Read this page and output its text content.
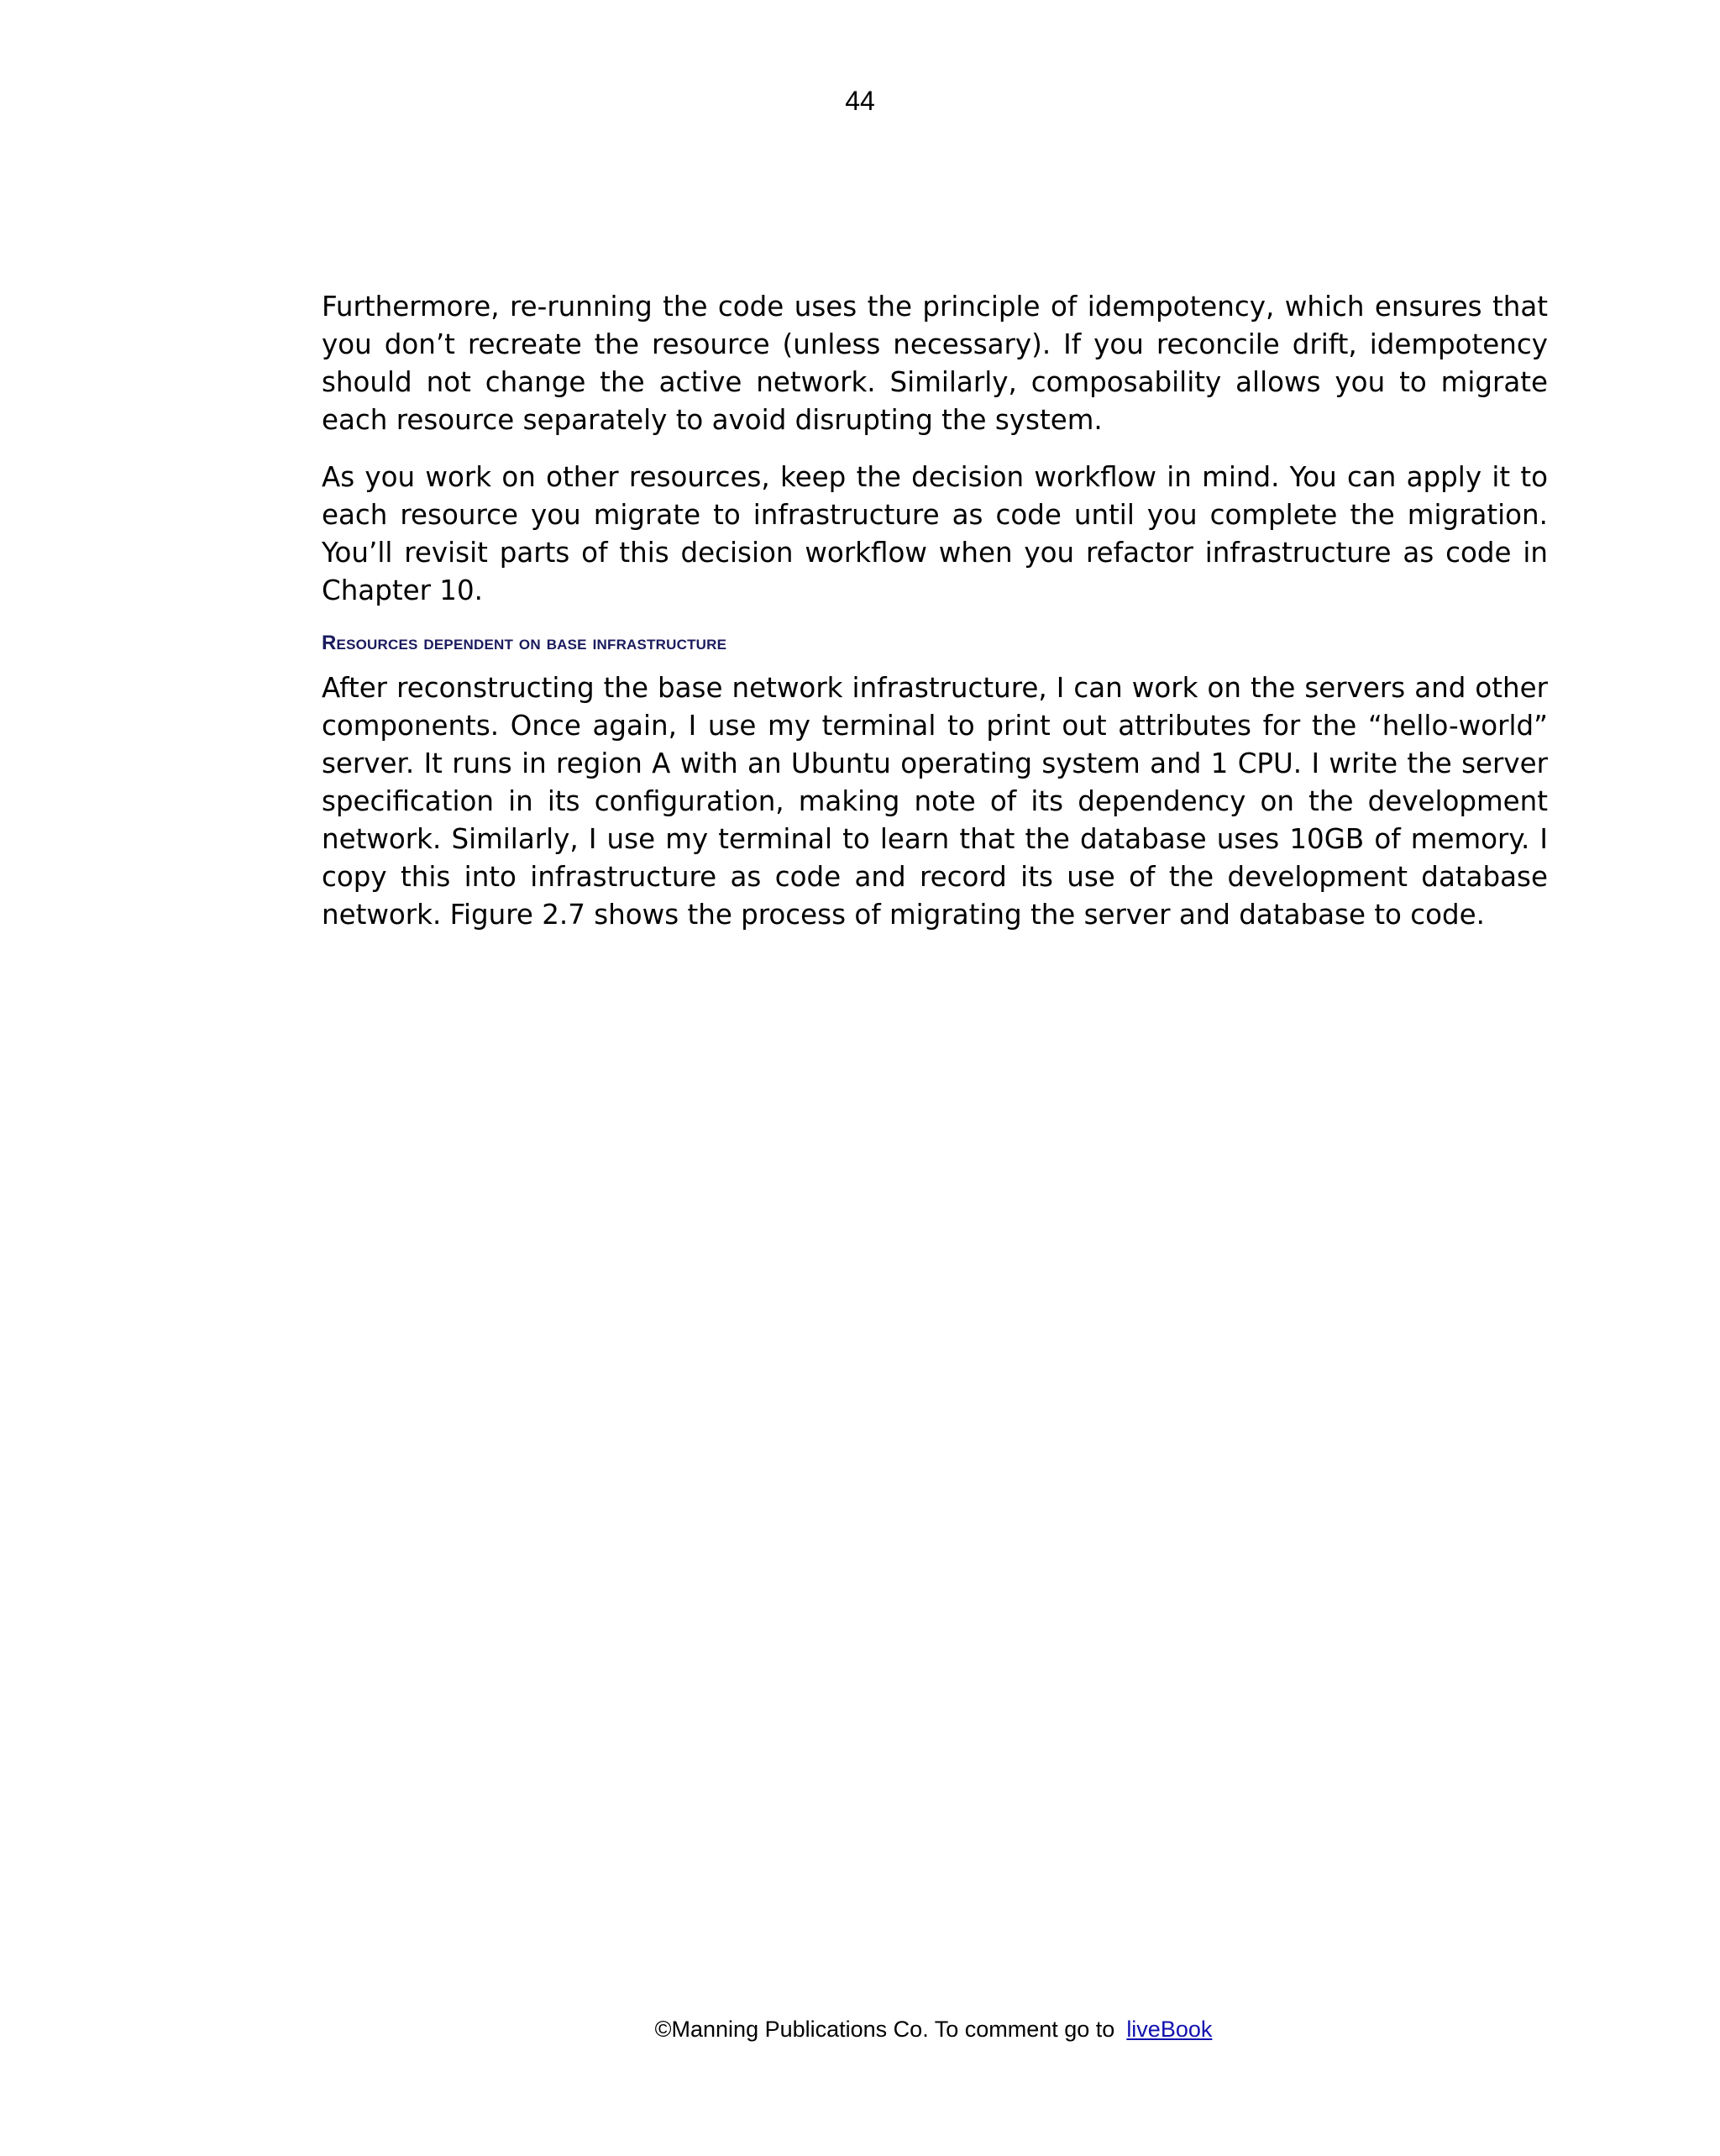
44

Furthermore, re-running the code uses the principle of idempotency, which ensures that you don’t recreate the resource (unless necessary). If you reconcile drift, idempotency should not change the active network. Similarly, composability allows you to migrate each resource separately to avoid disrupting the system.

As you work on other resources, keep the decision workflow in mind. You can apply it to each resource you migrate to infrastructure as code until you complete the migration. You’ll revisit parts of this decision workflow when you refactor infrastructure as code in Chapter 10.

Resources dependent on base infrastructure

After reconstructing the base network infrastructure, I can work on the servers and other components. Once again, I use my terminal to print out attributes for the “hello-world” server. It runs in region A with an Ubuntu operating system and 1 CPU. I write the server specification in its configuration, making note of its dependency on the development network. Similarly, I use my terminal to learn that the database uses 10GB of memory. I copy this into infrastructure as code and record its use of the development database network. Figure 2.7 shows the process of migrating the server and database to code.

©Manning Publications Co. To comment go to liveBook
